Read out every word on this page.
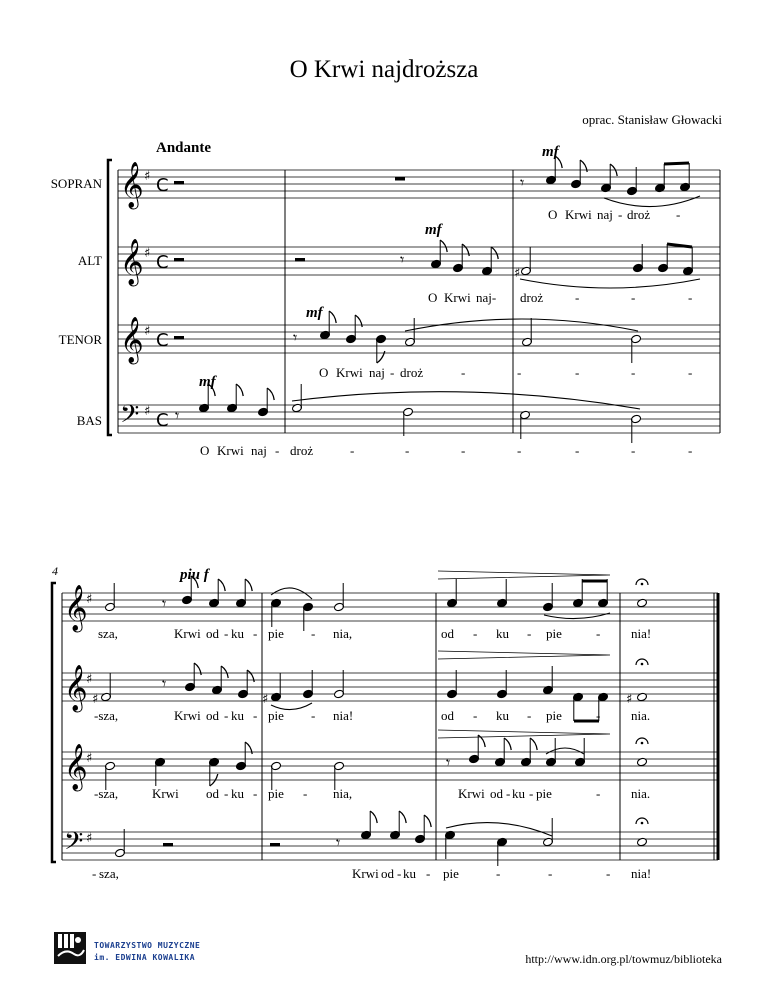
O Krwi najdroższa
oprac. Stanisław Głowacki
Andante
SOPRAN
ALT
TENOR
BAS
mf
mf
mf
mf
piu f
4
O Krwi naj - droż -
O Krwi naj- droż -	-	-
O Krwi naj - droż	-	-	-	-	-
O Krwi naj - droż	-	-	-	-	-	-	-
sza,	Krwi od - ku - pie - nia,	od - ku - pie	- nia!
-sza,	Krwi od - ku - pie - nia!	od - ku - pie	- nia.
-sza,	Krwi od - ku - pie - nia,	Krwi od - ku - pie	- nia.
- sza,	Krwi od - ku - pie	-	-	- nia!
𝄞 ♯ C
𝄞 ♯ C
𝄞 ♯ C
𝄢 ♯ C
𝄾
𝄾
♯
𝄾
𝄾
𝄞
♯
𝄞
♯
𝄞
♯
𝄢 ♯
𝄾
♯
𝄾
♯	♯
𝄾
𝄾
TOWARZYSTWO MUZYCZNE
im. EDWINA KOWALIKA	http://www.idn.org.pl/towmuz/biblioteka
